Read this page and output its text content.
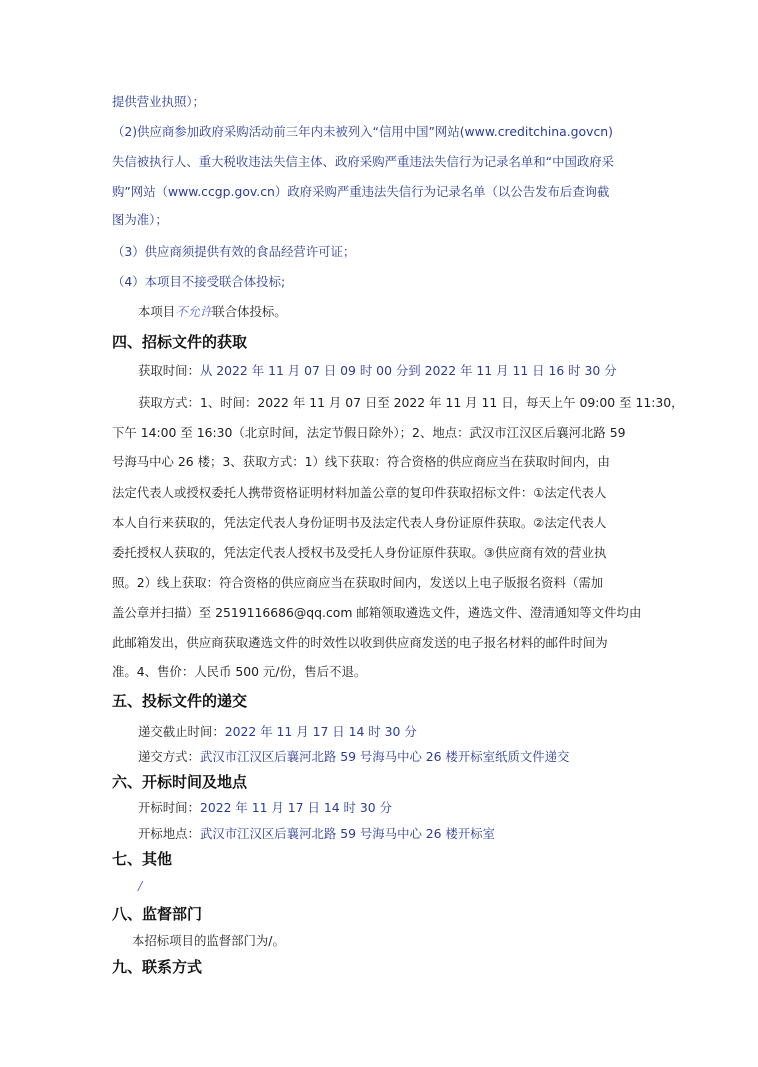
提供营业执照）；
（2)供应商参加政府采购活动前三年内未被列入“信用中国”网站(www.creditchina.govcn)
失信被执行人、重大税收违法失信主体、政府采购严重违法失信行为记录名单和“中国政府采
购”网站（www.ccgp.gov.cn）政府采购严重违法失信行为记录名单（以公告发布后查询截
图为准）；
（3）供应商须提供有效的食品经营许可证；
（4）本项目不接受联合体投标;
本项目不允许联合体投标。
四、招标文件的获取
获取时间：从 2022 年 11 月 07 日 09 时 00 分到 2022 年 11 月 11 日 16 时 30 分
获取方式：1、时间：2022 年 11 月 07 日至 2022 年 11 月 11 日，每天上午 09:00 至 11:30，
下午 14:00 至 16:30（北京时间，法定节假日除外）；2、地点：武汉市江汉区后襄河北路 59
号海马中心 26 楼；3、获取方式：1）线下获取：符合资格的供应商应当在获取时间内，由
法定代表人或授权委托人携带资格证明材料加盖公章的复印件获取招标文件：①法定代表人
本人自行来获取的，凭法定代表人身份证明书及法定代表人身份证原件获取。②法定代表人
委托授权人获取的，凭法定代表人授权书及受托人身份证原件获取。③供应商有效的营业执
照。2）线上获取：符合资格的供应商应当在获取时间内，发送以上电子版报名资料（需加
盖公章并扫描）至 2519116686@qq.com 邮箱领取遴选文件，遴选文件、澄清通知等文件均由
此邮箱发出，供应商获取遴选文件的时效性以收到供应商发送的电子报名材料的邮件时间为
准。4、售价：人民币 500 元/份，售后不退。
五、投标文件的递交
递交截止时间：2022 年 11 月 17 日 14 时 30 分
递交方式：武汉市江汉区后襄河北路 59 号海马中心 26 楼开标室纸质文件递交
六、开标时间及地点
开标时间：2022 年 11 月 17 日 14 时 30 分
开标地点：武汉市江汉区后襄河北路 59 号海马中心 26 楼开标室
七、其他
/
八、监督部门
本招标项目的监督部门为/。
九、联系方式
